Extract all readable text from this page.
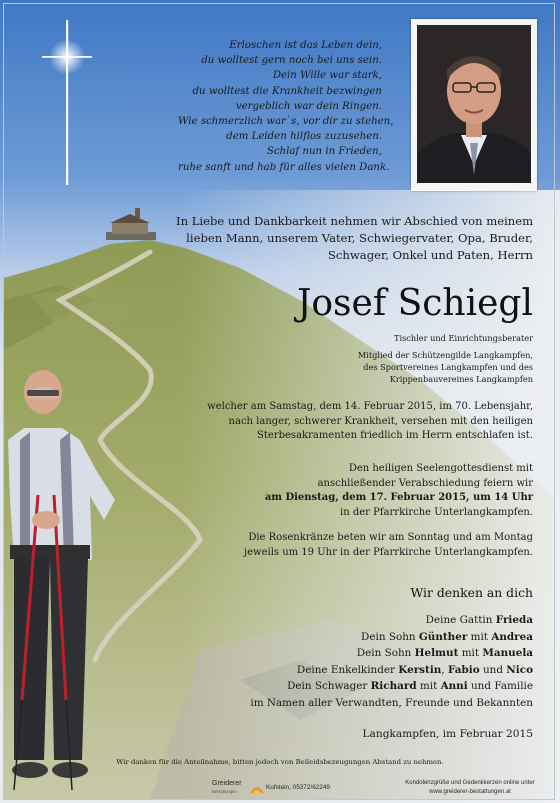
Erloschen ist das Leben dein,
du wolltest gern noch bei uns sein.
Dein Wille war stark,
du wolltest die Krankheit bezwingen
vergeblich war dein Ringen.
Wie schmerzlich war`s, vor dir zu stehen,
dem Leiden hilflos zuzusehen.
Schlaf nun in Frieden,
ruhe sanft und hab für alles vielen Dank.
In Liebe und Dankbarkeit nehmen wir Abschied von meinem
lieben Mann, unserem Vater, Schwiegervater, Opa, Bruder,
Schwager, Onkel und Paten, Herrn
Josef Schiegl
Tischler und Einrichtungsberater
Mitglied der Schützengilde Langkampfen,
des Sportvereines Langkampfen und des
Krippenbauvereines Langkampfen
welcher am Samstag, dem 14. Februar 2015, im 70. Lebensjahr,
nach langer, schwerer Krankheit, versehen mit den heiligen
Sterbesakramenten friedlich im Herrn entschlafen ist.
Den heiligen Seelengottesdienst mit
anschließender Verabschiedung feiern wir
am Dienstag, dem 17. Februar 2015, um 14 Uhr
in der Pfarrkirche Unterlangkampfen.
Die Rosenkränze beten wir am Sonntag und am Montag
jeweils um 19 Uhr in der Pfarrkirche Unterlangkampfen.
Wir denken an dich
Deine Gattin Frieda
Dein Sohn Günther mit Andrea
Dein Sohn Helmut mit Manuela
Deine Enkelkinder Kerstin, Fabio und Nico
Dein Schwager Richard mit Anni und Familie
im Namen aller Verwandten, Freunde und Bekannten
Langkampfen, im Februar 2015
Wir danken für die Anteilnahme, bitten jedoch von Beileidsbezeugungen Abstand zu nehmen.
Greiderer
Bestattungen
Kufstein, 05372/62249
Kondolenzgrüße und Gedenkkerzen online unter
www.greiderer-bestattungen.at
